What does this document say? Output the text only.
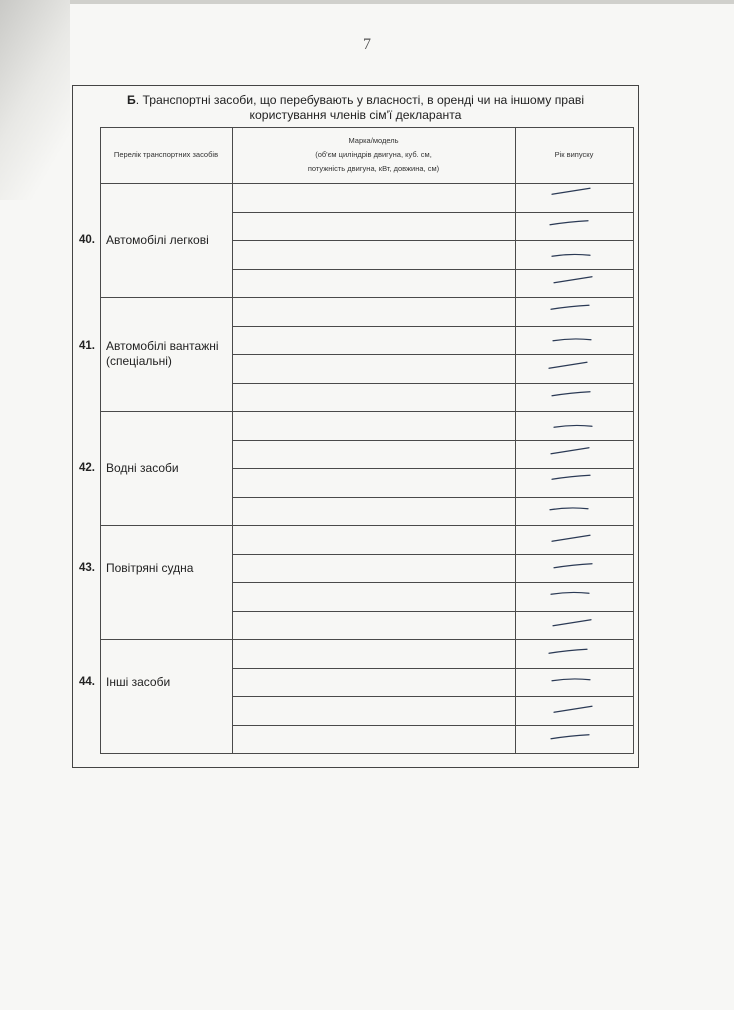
7
Б. Транспортні засоби, що перебувають у власності, в оренді чи на іншому праві
користування членів сім'ї декларанта
Перелік транспортних засобів
Марка/модель
(об'єм циліндрів двигуна, куб. см,
потужність двигуна, кВт, довжина, см)
Рік випуску
40. Автомобілі легкові
41. Автомобілі вантажні
(спеціальні)
42. Водні засоби
43. Повітряні судна
44. Інші засоби
